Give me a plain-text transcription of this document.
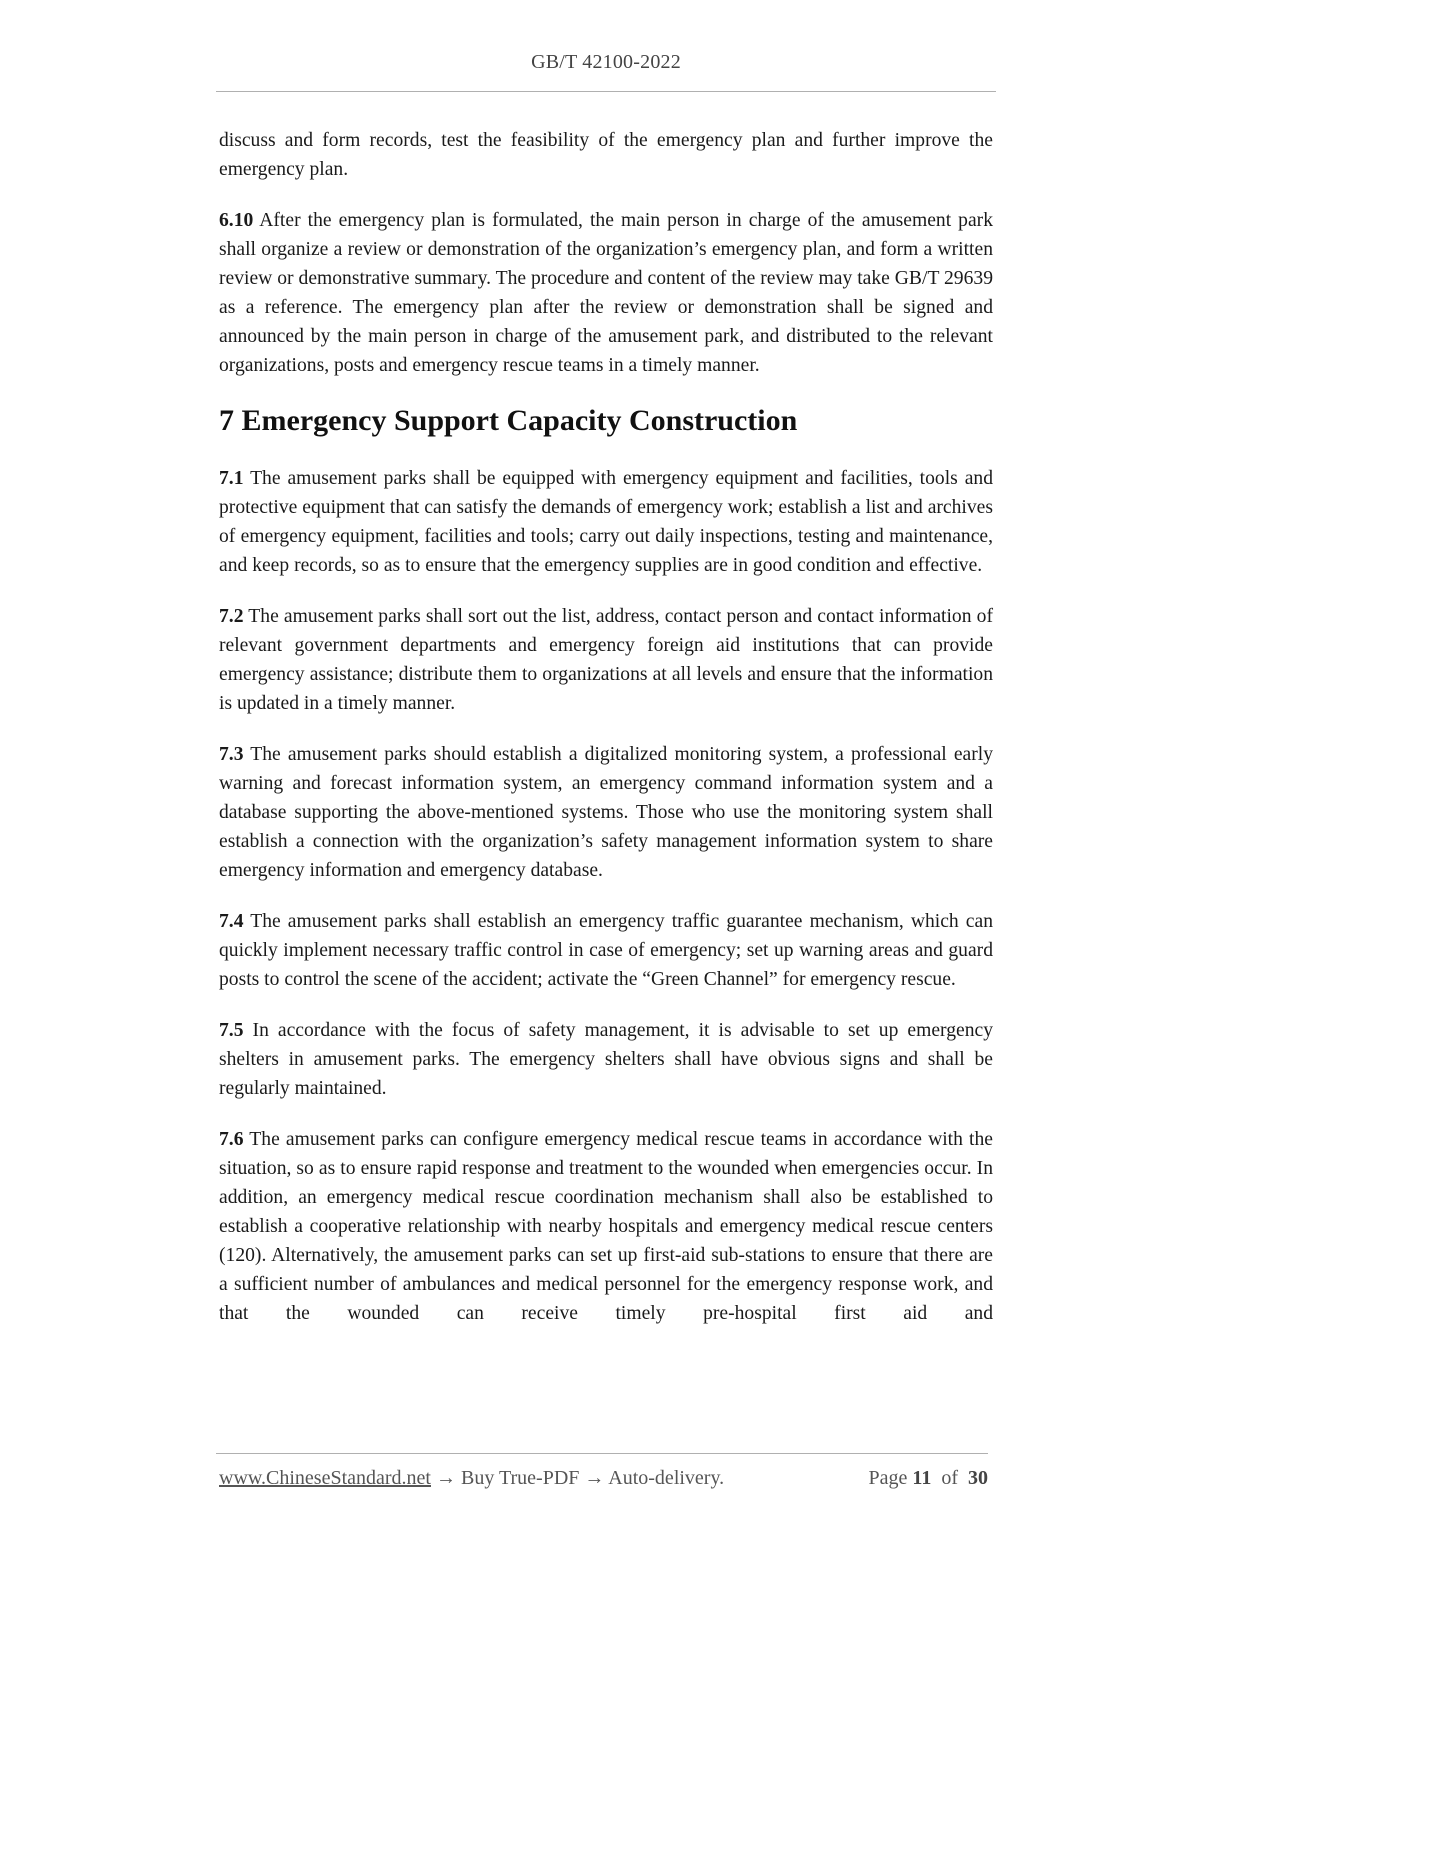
GB/T 42100-2022

discuss and form records, test the feasibility of the emergency plan and further improve the emergency plan.

6.10 After the emergency plan is formulated, the main person in charge of the amusement park shall organize a review or demonstration of the organization’s emergency plan, and form a written review or demonstrative summary. The procedure and content of the review may take GB/T 29639 as a reference. The emergency plan after the review or demonstration shall be signed and announced by the main person in charge of the amusement park, and distributed to the relevant organizations, posts and emergency rescue teams in a timely manner.

7 Emergency Support Capacity Construction

7.1 The amusement parks shall be equipped with emergency equipment and facilities, tools and protective equipment that can satisfy the demands of emergency work; establish a list and archives of emergency equipment, facilities and tools; carry out daily inspections, testing and maintenance, and keep records, so as to ensure that the emergency supplies are in good condition and effective.

7.2 The amusement parks shall sort out the list, address, contact person and contact information of relevant government departments and emergency foreign aid institutions that can provide emergency assistance; distribute them to organizations at all levels and ensure that the information is updated in a timely manner.

7.3 The amusement parks should establish a digitalized monitoring system, a professional early warning and forecast information system, an emergency command information system and a database supporting the above-mentioned systems. Those who use the monitoring system shall establish a connection with the organization’s safety management information system to share emergency information and emergency database.

7.4 The amusement parks shall establish an emergency traffic guarantee mechanism, which can quickly implement necessary traffic control in case of emergency; set up warning areas and guard posts to control the scene of the accident; activate the “Green Channel” for emergency rescue.

7.5 In accordance with the focus of safety management, it is advisable to set up emergency shelters in amusement parks. The emergency shelters shall have obvious signs and shall be regularly maintained.

7.6 The amusement parks can configure emergency medical rescue teams in accordance with the situation, so as to ensure rapid response and treatment to the wounded when emergencies occur. In addition, an emergency medical rescue coordination mechanism shall also be established to establish a cooperative relationship with nearby hospitals and emergency medical rescue centers (120). Alternatively, the amusement parks can set up first-aid sub-stations to ensure that there are a sufficient number of ambulances and medical personnel for the emergency response work, and that the wounded can receive timely pre-hospital first aid and

www.ChineseStandard.net → Buy True-PDF → Auto-delivery.	Page 11 of 30
